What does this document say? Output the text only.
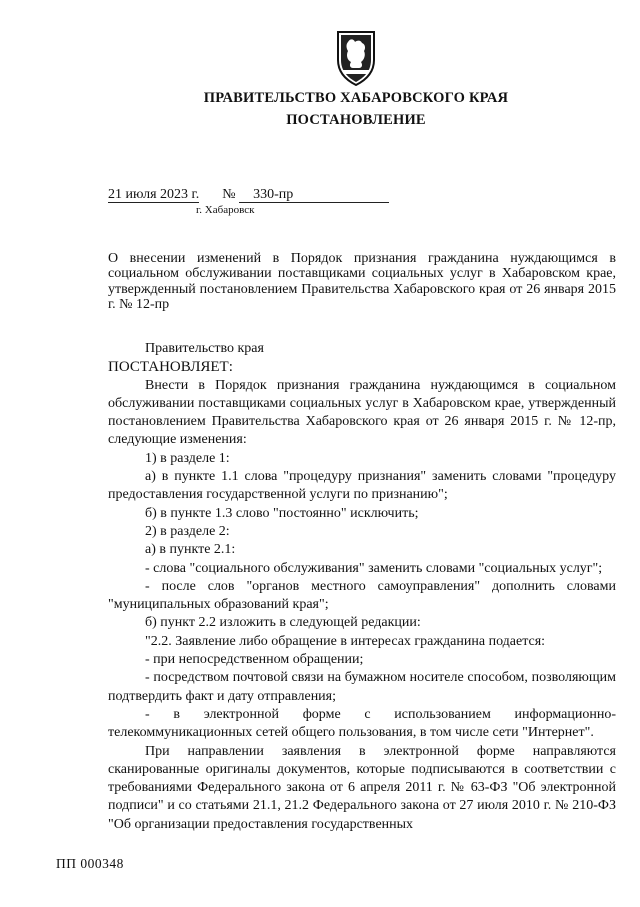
ПРАВИТЕЛЬСТВО ХАБАРОВСКОГО КРАЯ
ПОСТАНОВЛЕНИЕ
21 июля 2023 г. № 330-пр
г. Хабаровск
О внесении изменений в Порядок признания гражданина нуждающимся в социальном обслуживании поставщиками социальных услуг в Хабаровском крае, утвержденный постановлением Правительства Хабаровского края от 26 января 2015 г. № 12-пр

Правительство края

ПОСТАНОВЛЯЕТ:

Внести в Порядок признания гражданина нуждающимся в социальном обслуживании поставщиками социальных услуг в Хабаровском крае, утвержденный постановлением Правительства Хабаровского края от 26 января 2015 г. № 12-пр, следующие изменения:

1) в разделе 1:

а) в пункте 1.1 слова "процедуру признания" заменить словами "процедуру предоставления государственной услуги по признанию";

б) в пункте 1.3 слово "постоянно" исключить;

2) в разделе 2:

а) в пункте 2.1:

- слова "социального обслуживания" заменить словами "социальных услуг";

- после слов "органов местного самоуправления" дополнить словами "муниципальных образований края";

б) пункт 2.2 изложить в следующей редакции:

"2.2. Заявление либо обращение в интересах гражданина подается:

- при непосредственном обращении;

- посредством почтовой связи на бумажном носителе способом, позволяющим подтвердить факт и дату отправления;

- в электронной форме с использованием информационно-телекоммуникационных сетей общего пользования, в том числе сети "Интернет".

При направлении заявления в электронной форме направляются сканированные оригиналы документов, которые подписываются в соответствии с требованиями Федерального закона от 6 апреля 2011 г. № 63-ФЗ "Об электронной подписи" и со статьями 21.1, 21.2 Федерального закона от 27 июля 2010 г. № 210-ФЗ "Об организации предоставления государственных

ПП 000348
